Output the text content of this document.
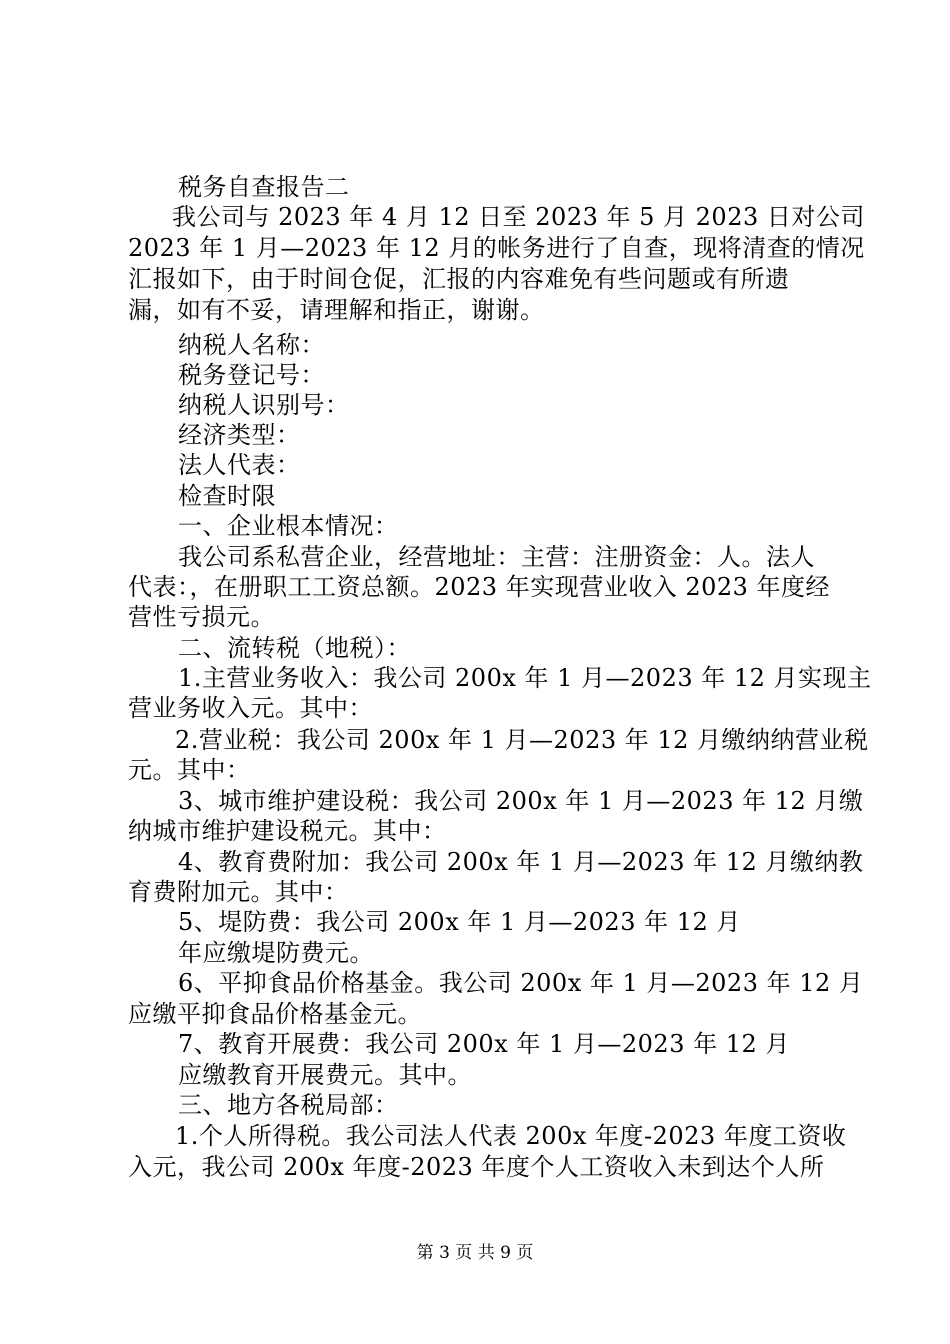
税务自查报告二
我公司与 2023 年 4 月 12 日至 2023 年 5 月 2023 日对公司
2023 年 1 月—2023 年 12 月的帐务进行了自查，现将清查的情况
汇报如下，由于时间仓促，汇报的内容难免有些问题或有所遗
漏，如有不妥，请理解和指正，谢谢。
纳税人名称：
税务登记号：
纳税人识别号：
经济类型：
法人代表：
检查时限
一、企业根本情况：
我公司系私营企业，经营地址：主营：注册资金：人。法人
代表：，在册职工工资总额。2023 年实现营业收入 2023 年度经
营性亏损元。
二、流转税（地税）：
1.主营业务收入：我公司 200x 年 1 月—2023 年 12 月实现主
营业务收入元。其中：
2.营业税：我公司 200x 年 1 月—2023 年 12 月缴纳纳营业税
元。其中：
3、城市维护建设税：我公司 200x 年 1 月—2023 年 12 月缴
纳城市维护建设税元。其中：
4、教育费附加：我公司 200x 年 1 月—2023 年 12 月缴纳教
育费附加元。其中：
5、堤防费：我公司 200x 年 1 月—2023 年 12 月
年应缴堤防费元。
6、平抑食品价格基金。我公司 200x 年 1 月—2023 年 12 月
应缴平抑食品价格基金元。
7、教育开展费：我公司 200x 年 1 月—2023 年 12 月
应缴教育开展费元。其中。
三、地方各税局部：
1.个人所得税。我公司法人代表 200x 年度-2023 年度工资收
入元，我公司 200x 年度-2023 年度个人工资收入未到达个人所
第 3 页 共 9 页
